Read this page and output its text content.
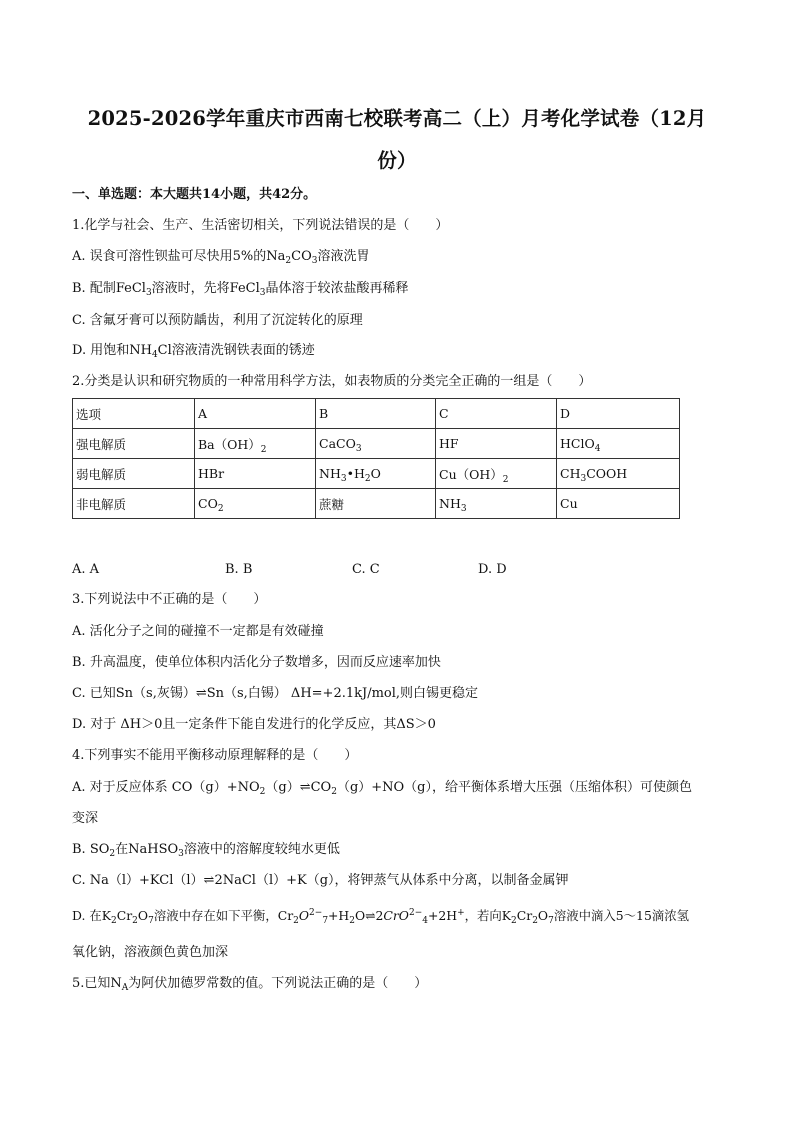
2025-2026学年重庆市西南七校联考高二（上）月考化学试卷（12月
份）
一、单选题：本大题共14小题，共42分。
1.化学与社会、生产、生活密切相关，下列说法错误的是（　　）
A. 误食可溶性钡盐可尽快用5%的$Na_2CO_3$溶液洗胃
B. 配制FeCl$_3$溶液时，先将FeCl$_3$晶体溶于较浓盐酸再稀释
C. 含氟牙膏可以预防龋齿，利用了沉淀转化的原理
D. 用饱和$NH_4Cl$溶液清洗钢铁表面的锈迹
2.分类是认识和研究物质的一种常用科学方法，如表物质的分类完全正确的一组是（　　）
选项	A	B	C	D
强电解质	$Ba(OH)_2$	CaCO$_3$	HF	HClO$_4$
弱电解质	HBr	$NH_3•H_2O$	$Cu(OH)_2$	$CH_3COOH$
非电解质	$CO_2$	蔗糖	$NH_3$	Cu
A. A	B. B	C. C	D. D
3.下列说法中不正确的是（　　）
A. 活化分子之间的碰撞不一定都是有效碰撞
B. 升高温度，使单位体积内活化分子数增多，因而反应速率加快
C. 已知Sn（s,灰锡）⇌Sn（s,白锡） ΔH=+2.1kJ/mol,则白锡更稳定
D. 对于 ΔH＞0且一定条件下能自发进行的化学反应，其ΔS＞0
4.下列事实不能用平衡移动原理解释的是（　　）
A. 对于反应体系 $CO(g)+NO_2(g)\rightleftharpoons CO_2(g)+NO(g)$，给平衡体系增大压强（压缩体积）可使颜色
变深
B. $SO_2$在NaHSO$_3$溶液中的溶解度较纯水更低
C. Na（l）+KCl（l）⇌2NaCl（l）+K（g），将钾蒸气从体系中分离，以制备金属钾
D. 在$K_2Cr_2O_7$溶液中存在如下平衡，$Cr_2O^{2-}_7+H_2O\rightleftharpoons 2CrO^{2-}_4+2H^+$，若向$K_2Cr_2O_7$溶液中滴入5～15滴浓氢
氧化钠，溶液颜色黄色加深
5.已知$N_A$为阿伏加德罗常数的值。下列说法正确的是（　　）
